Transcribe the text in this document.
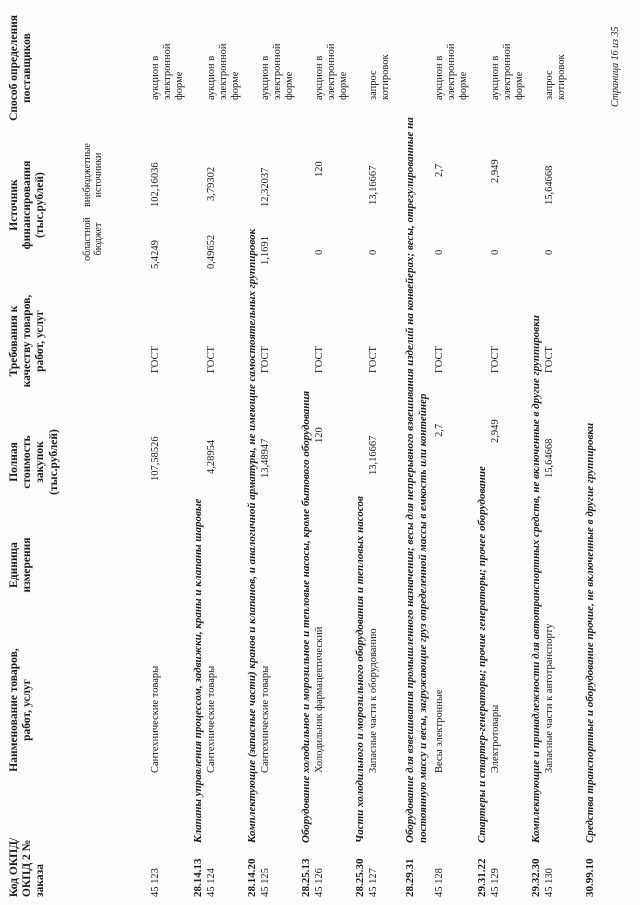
Код ОКПД/ ОКПД 2 № заказа
Наименование товаров, работ, услуг
Единица измерения
Полная стоимость закупок (тыс.рублей)
Требования к качеству товаров, работ, услуг
Источник финансирования (тыс.рублей)
областной бюджет
внебюджетные источники
Способ определения поставщиков
45 123
Сантехнические товары
107,58526
ГОСТ
5,4249
102,16036
аукцион в электронной форме
28.14.13
Клапаны управления процессом, задвижки, краны и клапаны шаровые
45 124
Сантехнические товары
4,28954
ГОСТ
0,49652
3,79302
аукцион в электронной форме
28.14.20
Комплектующие (запасные части) кранов и клапанов, и аналогичной арматуры, не имеющие самостоятельных группировок
45 125
Сантехнические товары
13,48947
ГОСТ
1,1691
12,32037
аукцион в электронной форме
28.25.13
Оборудование холодильное и морозильное и тепловые насосы, кроме бытового оборудования
45 126
Холодильник фармацевтический
120
ГОСТ
0
120
аукцион в электронной форме
28.25.30
Части холодильного и морозильного оборудования и тепловых насосов
45 127
Запасные части к оборудованию
13,16667
ГОСТ
0
13,16667
запрос котировок
28.29.31
Оборудование для взвешивания промышленного назначения; весы для непрерывного взвешивания изделий на конвейерах; весы, отрегулированные на постоянную массу и весы, загружающие груз определенной массы в емкость или контейнер
45 128
Весы электронные
2,7
ГОСТ
0
2,7
аукцион в электронной форме
29.31.22
Стартеры и стартер-генераторы; прочие генераторы; прочее оборудование
45 129
Электротовары
2,949
ГОСТ
0
2,949
аукцион в электронной форме
29.32.30
Комплектующие и принадлежности для автотранспортных средств, не включенные в другие группировки
45 130
Запасные части к автотранспорту
15,64668
ГОСТ
0
15,64668
запрос котировок
30.99.10
Средства транспортные и оборудование прочие, не включенные в другие группировки
Страница 16 из 35
